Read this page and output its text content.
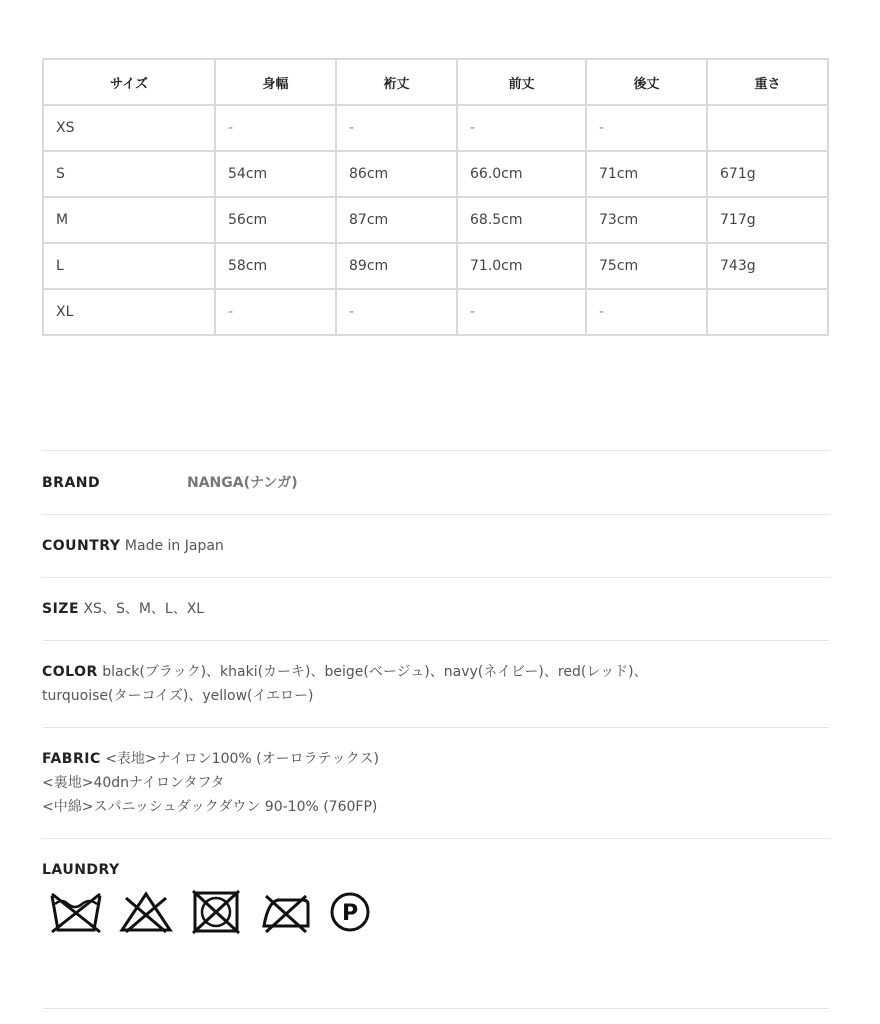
サイズ	身幅	裄丈	前丈	後丈	重さ
XS	-	-	-	-	
S	54cm	86cm	66.0cm	71cm	671g
M	56cm	87cm	68.5cm	73cm	717g
L	58cm	89cm	71.0cm	75cm	743g
XL	-	-	-	-	
BRAND	NANGA(ナンガ)
COUNTRY Made in Japan
SIZE XS、S、M、L、XL
COLOR black(ブラック)、khaki(カーキ)、beige(ベージュ)、navy(ネイビー)、red(レッド)、
turquoise(ターコイズ)、yellow(イエロー)
FABRIC <表地>ナイロン100% (オーロラテックス)
<裏地>40dnナイロンタフタ
<中綿>スパニッシュダックダウン 90-10% (760FP)
LAUNDRY
P
